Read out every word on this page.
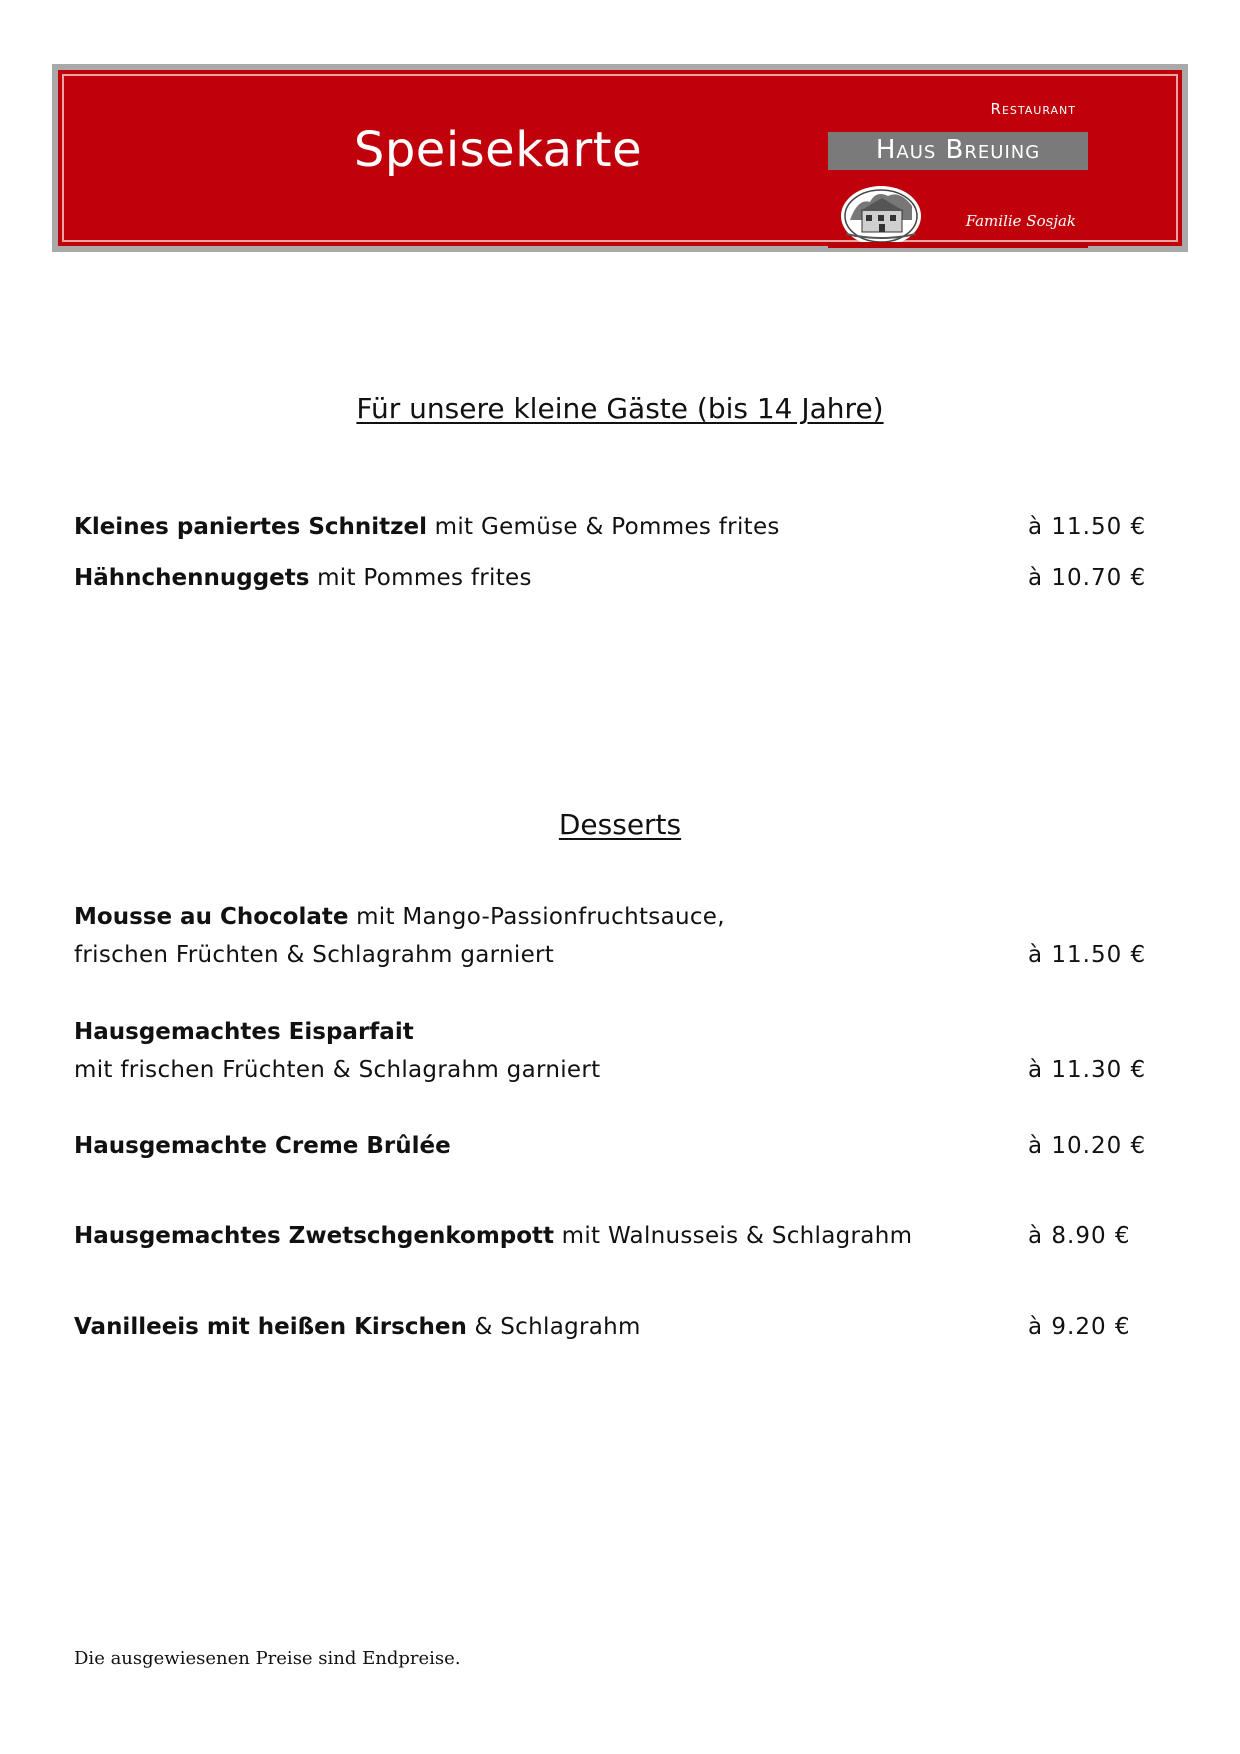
Speisekarte
Restaurant
Haus Breuing
Familie Sosjak
Für unsere kleine Gäste (bis 14 Jahre)
Kleines paniertes Schnitzel mit Gemüse & Pommes frites	à 11.50 €
Hähnchennuggets mit Pommes frites	à 10.70 €
Desserts
Mousse au Chocolate mit Mango-Passionfruchtsauce,
frischen Früchten & Schlagrahm garniert	à 11.50 €
Hausgemachtes Eisparfait
mit frischen Früchten & Schlagrahm garniert	à 11.30 €
Hausgemachte Creme Brûlée	à 10.20 €
Hausgemachtes Zwetschgenkompott mit Walnusseis & Schlagrahm	à 8.90 €
Vanilleeis mit heißen Kirschen & Schlagrahm	à 9.20 €
Die ausgewiesenen Preise sind Endpreise.
